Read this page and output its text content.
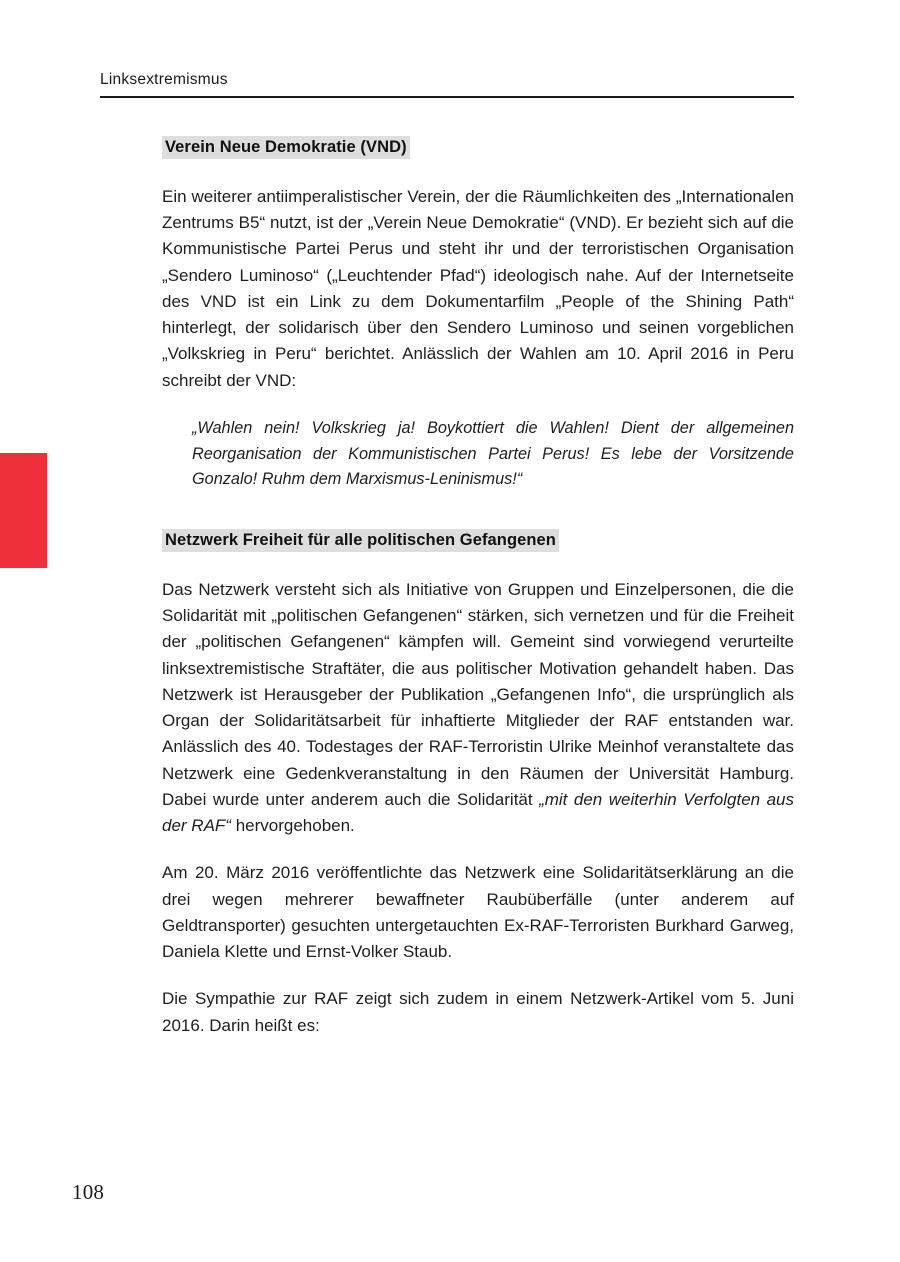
Linksextremismus
Verein Neue Demokratie (VND)

Ein weiterer antiimperalistischer Verein, der die Räumlichkeiten des „Internationalen Zentrums B5“ nutzt, ist der „Verein Neue Demokratie“ (VND). Er bezieht sich auf die Kommunistische Partei Perus und steht ihr und der terroristischen Organisation „Sendero Luminoso“ („Leuchtender Pfad“) ideologisch nahe. Auf der Internetseite des VND ist ein Link zu dem Dokumentarfilm „People of the Shining Path“ hinterlegt, der solidarisch über den Sendero Luminoso und seinen vorgeblichen „Volkskrieg in Peru“ berichtet. Anlässlich der Wahlen am 10. April 2016 in Peru schreibt der VND:

„Wahlen nein! Volkskrieg ja! Boykottiert die Wahlen! Dient der allgemeinen Reorganisation der Kommunistischen Partei Perus! Es lebe der Vorsitzende Gonzalo! Ruhm dem Marxismus-Leninismus!“

Netzwerk Freiheit für alle politischen Gefangenen

Das Netzwerk versteht sich als Initiative von Gruppen und Einzelpersonen, die die Solidarität mit „politischen Gefangenen“ stärken, sich vernetzen und für die Freiheit der „politischen Gefangenen“ kämpfen will. Gemeint sind vorwiegend verurteilte linksextremistische Straftäter, die aus politischer Motivation gehandelt haben. Das Netzwerk ist Herausgeber der Publikation „Gefangenen Info“, die ursprünglich als Organ der Solidaritätsarbeit für inhaftierte Mitglieder der RAF entstanden war. Anlässlich des 40. Todestages der RAF-Terroristin Ulrike Meinhof veranstaltete das Netzwerk eine Gedenkveranstaltung in den Räumen der Universität Hamburg. Dabei wurde unter anderem auch die Solidarität „mit den weiterhin Verfolgten aus der RAF“ hervorgehoben.

Am 20. März 2016 veröffentlichte das Netzwerk eine Solidaritätserklärung an die drei wegen mehrerer bewaffneter Raubüberfälle (unter anderem auf Geldtransporter) gesuchten untergetauchten Ex-RAF-Terroristen Burkhard Garweg, Daniela Klette und Ernst-Volker Staub.

Die Sympathie zur RAF zeigt sich zudem in einem Netzwerk-Artikel vom 5. Juni 2016. Darin heißt es:

108
